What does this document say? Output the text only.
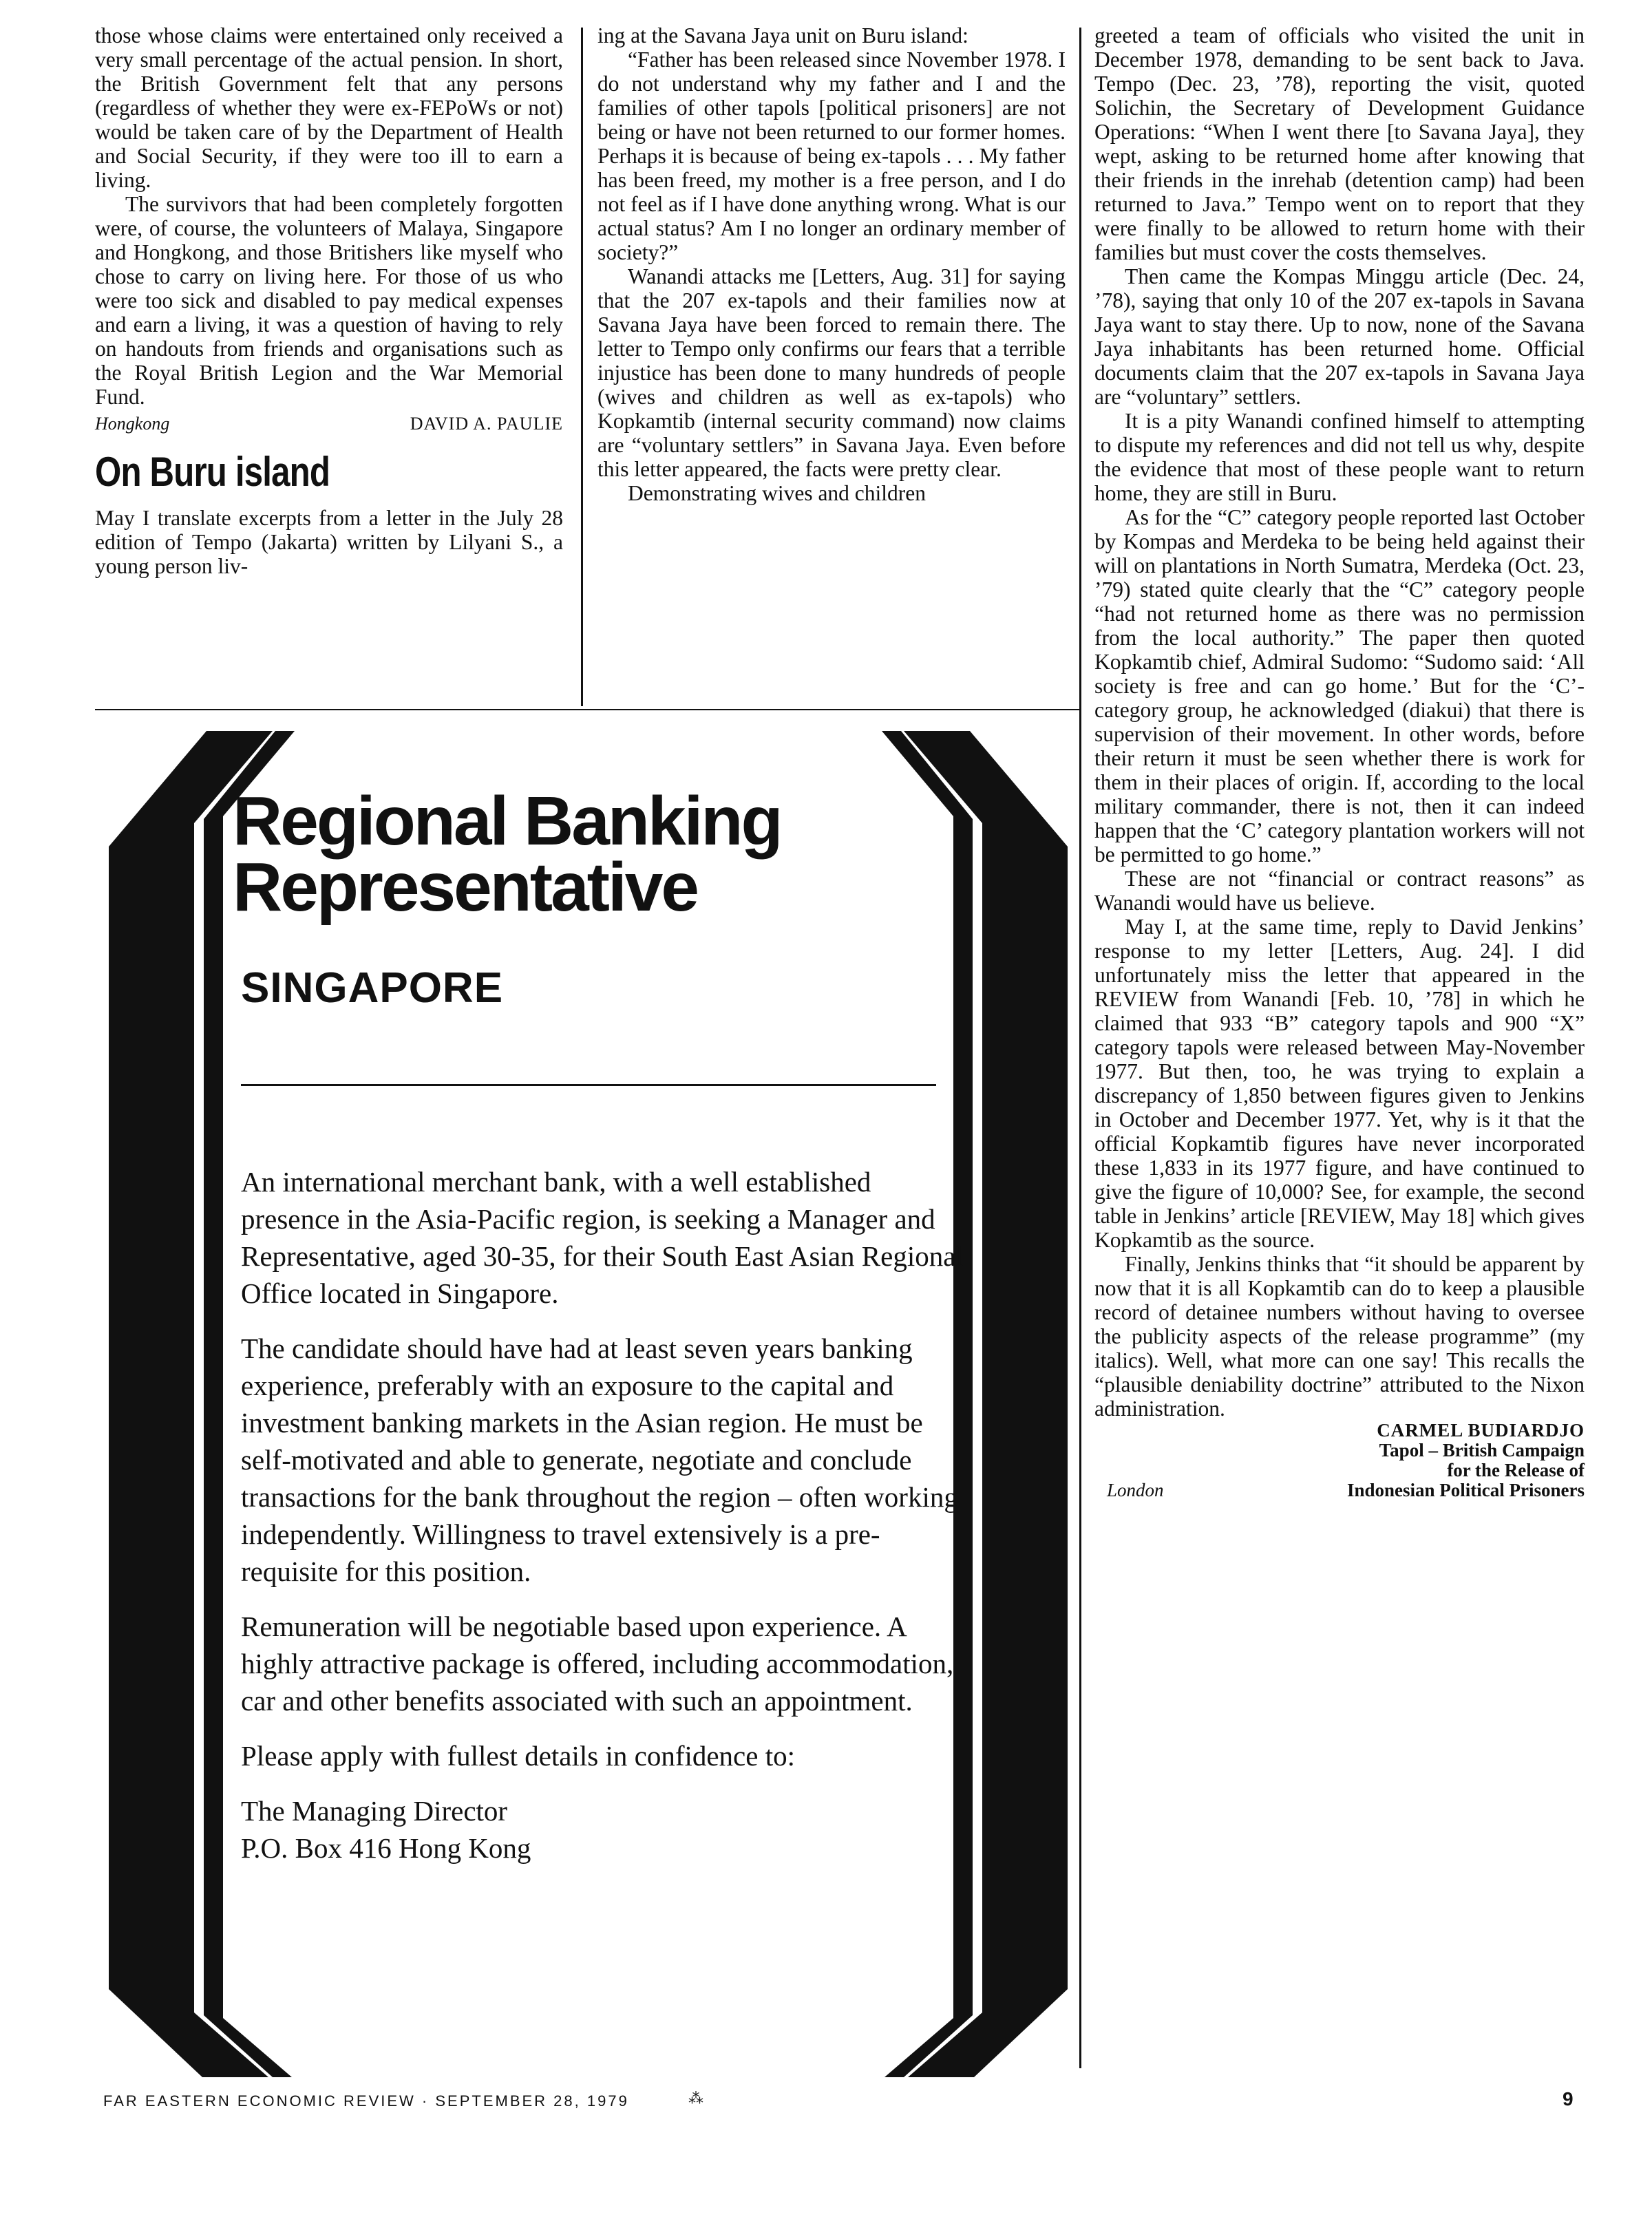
those whose claims were entertained only received a very small percentage of the actual pension. In short, the British Government felt that any persons (regardless of whether they were ex-FEPoWs or not) would be taken care of by the Department of Health and Social Security, if they were too ill to earn a living.

The survivors that had been completely forgotten were, of course, the volunteers of Malaya, Singapore and Hongkong, and those Britishers like myself who chose to carry on living here. For those of us who were too sick and disabled to pay medical expenses and earn a living, it was a question of having to rely on handouts from friends and organisations such as the Royal British Legion and the War Memorial Fund.

Hongkong	DAVID A. PAULIE
On Buru island

May I translate excerpts from a letter in the July 28 edition of Tempo (Jakarta) written by Lilyani S., a young person liv-

ing at the Savana Jaya unit on Buru island:

“Father has been released since November 1978. I do not understand why my father and I and the families of other tapols [political prisoners] are not being or have not been returned to our former homes. Perhaps it is because of being ex-tapols . . . My father has been freed, my mother is a free person, and I do not feel as if I have done anything wrong. What is our actual status? Am I no longer an ordinary member of society?”

Wanandi attacks me [Letters, Aug. 31] for saying that the 207 ex-tapols and their families now at Savana Jaya have been forced to remain there. The letter to Tempo only confirms our fears that a terrible injustice has been done to many hundreds of people (wives and children as well as ex-tapols) who Kopkamtib (internal security command) now claims are “voluntary settlers” in Savana Jaya. Even before this letter appeared, the facts were pretty clear.

Demonstrating wives and children

greeted a team of officials who visited the unit in December 1978, demanding to be sent back to Java. Tempo (Dec. 23, ’78), reporting the visit, quoted Solichin, the Secretary of Development Guidance Operations: “When I went there [to Savana Jaya], they wept, asking to be returned home after knowing that their friends in the inrehab (detention camp) had been returned to Java.” Tempo went on to report that they were finally to be allowed to return home with their families but must cover the costs themselves.

Then came the Kompas Minggu article (Dec. 24, ’78), saying that only 10 of the 207 ex-tapols in Savana Jaya want to stay there. Up to now, none of the Savana Jaya inhabitants has been returned home. Official documents claim that the 207 ex-tapols in Savana Jaya are “voluntary” settlers.

It is a pity Wanandi confined himself to attempting to dispute my references and did not tell us why, despite the evidence that most of these people want to return home, they are still in Buru.

As for the “C” category people reported last October by Kompas and Merdeka to be being held against their will on plantations in North Sumatra, Merdeka (Oct. 23, ’79) stated quite clearly that the “C” category people “had not returned home as there was no permission from the local authority.” The paper then quoted Kopkamtib chief, Admiral Sudomo: “Sudomo said: ‘All society is free and can go home.’ But for the ‘C’-category group, he acknowledged (diakui) that there is supervision of their movement. In other words, before their return it must be seen whether there is work for them in their places of origin. If, according to the local military commander, there is not, then it can indeed happen that the ‘C’ category plantation workers will not be permitted to go home.”

These are not “financial or contract reasons” as Wanandi would have us believe.

May I, at the same time, reply to David Jenkins’ response to my letter [Letters, Aug. 24]. I did unfortunately miss the letter that appeared in the REVIEW from Wanandi [Feb. 10, ’78] in which he claimed that 933 “B” category tapols and 900 “X” category tapols were released between May-November 1977. But then, too, he was trying to explain a discrepancy of 1,850 between figures given to Jenkins in October and December 1977. Yet, why is it that the official Kopkamtib figures have never incorporated these 1,833 in its 1977 figure, and have continued to give the figure of 10,000? See, for example, the second table in Jenkins’ article [REVIEW, May 18] which gives Kopkamtib as the source.

Finally, Jenkins thinks that “it should be apparent by now that it is all Kopkamtib can do to keep a plausible record of detainee numbers without having to oversee the publicity aspects of the release programme” (my italics). Well, what more can one say! This recalls the “plausible deniability doctrine” attributed to the Nixon administration.

CARMEL BUDIARDJO
Tapol – British Campaign
for the Release of
London	Indonesian Political Prisoners
Regional Banking
Representative
SINGAPORE

An international merchant bank, with a well established presence in the Asia-Pacific region, is seeking a Manager and Representative, aged 30-35, for their South East Asian Regional Office located in Singapore.

The candidate should have had at least seven years banking experience, preferably with an exposure to the capital and investment banking markets in the Asian region. He must be self-motivated and able to generate, negotiate and conclude transactions for the bank throughout the region – often working independently. Willingness to travel extensively is a pre-requisite for this position.

Remuneration will be negotiable based upon experience. A highly attractive package is offered, including accommodation, car and other benefits associated with such an appointment.

Please apply with fullest details in confidence to:

The Managing Director
P.O. Box 416 Hong Kong
FAR EASTERN ECONOMIC REVIEW · SEPTEMBER 28, 1979	⁂	9
